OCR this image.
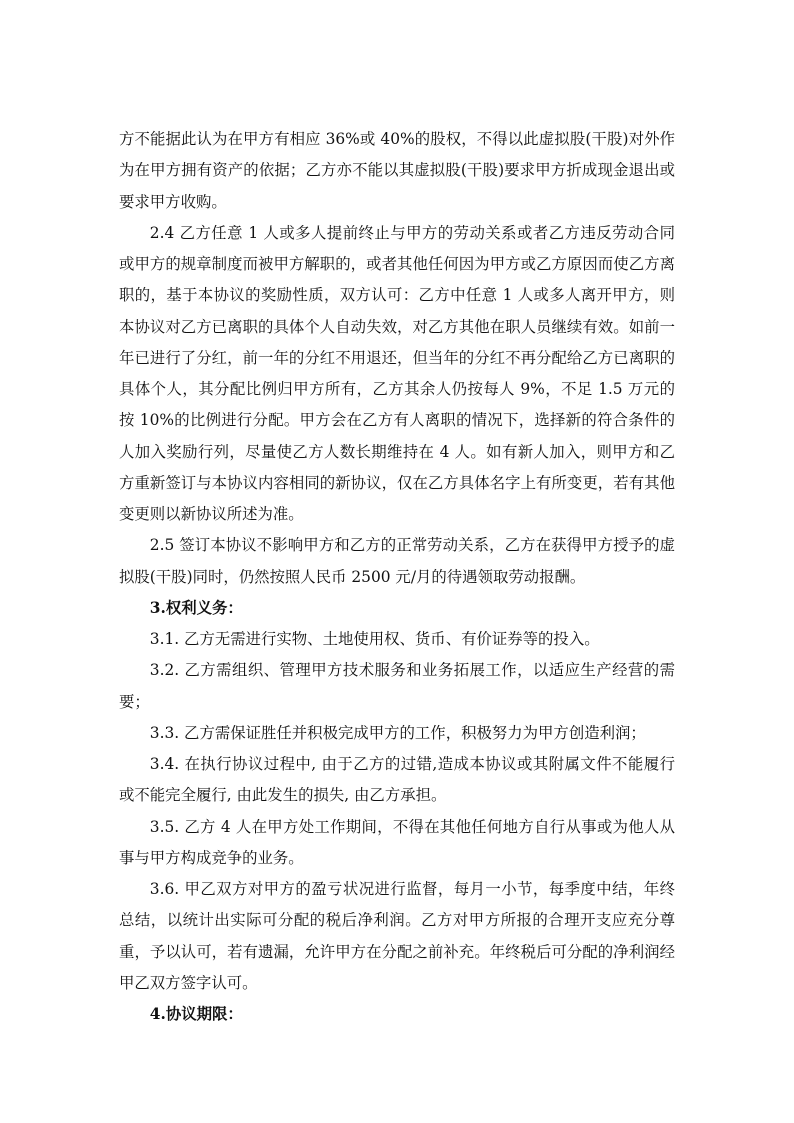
方不能据此认为在甲方有相应 36%或 40%的股权，不得以此虚拟股(干股)对外作为在甲方拥有资产的依据；乙方亦不能以其虚拟股(干股)要求甲方折成现金退出或要求甲方收购。

2.4 乙方任意 1 人或多人提前终止与甲方的劳动关系或者乙方违反劳动合同或甲方的规章制度而被甲方解职的，或者其他任何因为甲方或乙方原因而使乙方离职的，基于本协议的奖励性质，双方认可：乙方中任意 1 人或多人离开甲方，则本协议对乙方已离职的具体个人自动失效，对乙方其他在职人员继续有效。如前一年已进行了分红，前一年的分红不用退还，但当年的分红不再分配给乙方已离职的具体个人，其分配比例归甲方所有，乙方其余人仍按每人 9%，不足 1.5 万元的按 10%的比例进行分配。甲方会在乙方有人离职的情况下，选择新的符合条件的人加入奖励行列，尽量使乙方人数长期维持在 4 人。如有新人加入，则甲方和乙方重新签订与本协议内容相同的新协议，仅在乙方具体名字上有所变更，若有其他变更则以新协议所述为准。

2.5 签订本协议不影响甲方和乙方的正常劳动关系，乙方在获得甲方授予的虚拟股(干股)同时，仍然按照人民币 2500 元/月的待遇领取劳动报酬。

3.权利义务：

3.1. 乙方无需进行实物、土地使用权、货币、有价证券等的投入。

3.2. 乙方需组织、管理甲方技术服务和业务拓展工作，以适应生产经营的需要；

3.3. 乙方需保证胜任并积极完成甲方的工作，积极努力为甲方创造利润；

3.4. 在执行协议过程中, 由于乙方的过错,造成本协议或其附属文件不能履行或不能完全履行, 由此发生的损失, 由乙方承担。

3.5. 乙方 4 人在甲方处工作期间，不得在其他任何地方自行从事或为他人从事与甲方构成竞争的业务。

3.6. 甲乙双方对甲方的盈亏状况进行监督，每月一小节，每季度中结，年终总结，以统计出实际可分配的税后净利润。乙方对甲方所报的合理开支应充分尊重，予以认可，若有遗漏，允许甲方在分配之前补充。年终税后可分配的净利润经甲乙双方签字认可。

4.协议期限：
